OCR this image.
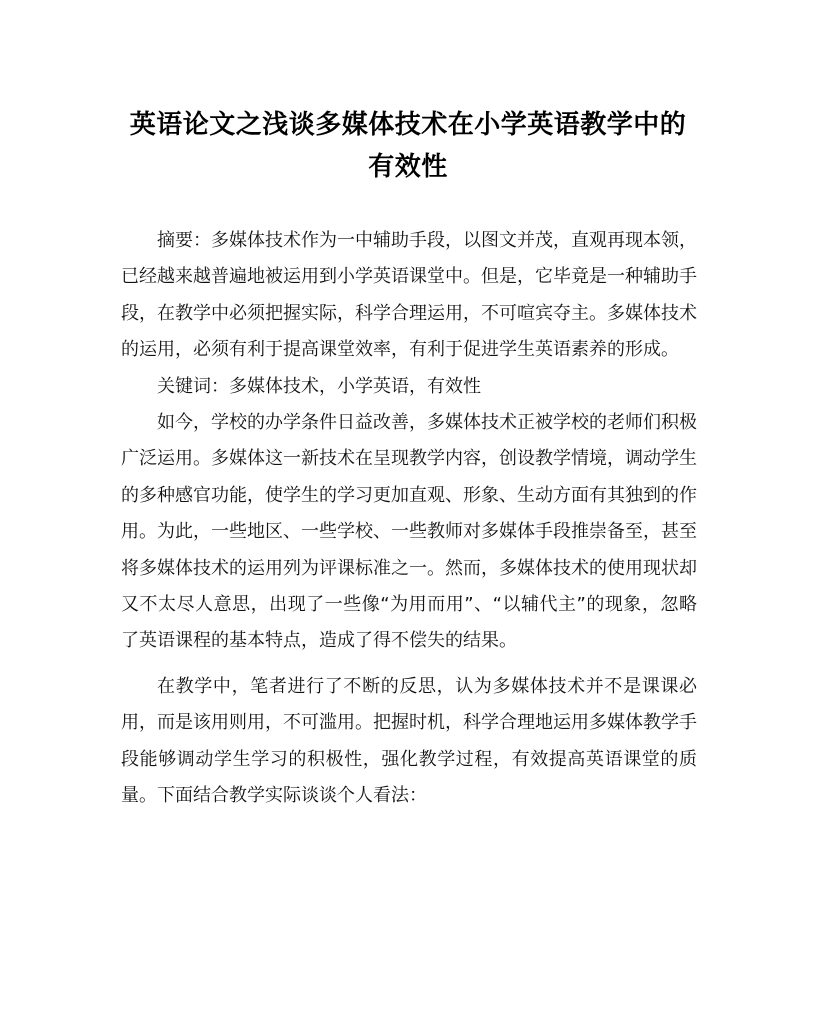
英语论文之浅谈多媒体技术在小学英语教学中的有效性

摘要：多媒体技术作为一中辅助手段，以图文并茂，直观再现本领，已经越来越普遍地被运用到小学英语课堂中。但是，它毕竟是一种辅助手段，在教学中必须把握实际，科学合理运用，不可喧宾夺主。多媒体技术的运用，必须有利于提高课堂效率，有利于促进学生英语素养的形成。

关键词：多媒体技术，小学英语，有效性

如今，学校的办学条件日益改善，多媒体技术正被学校的老师们积极广泛运用。多媒体这一新技术在呈现教学内容，创设教学情境，调动学生的多种感官功能，使学生的学习更加直观、形象、生动方面有其独到的作用。为此，一些地区、一些学校、一些教师对多媒体手段推崇备至，甚至将多媒体技术的运用列为评课标准之一。然而，多媒体技术的使用现状却又不太尽人意思，出现了一些像“为用而用”、“以辅代主”的现象，忽略了英语课程的基本特点，造成了得不偿失的结果。

在教学中，笔者进行了不断的反思，认为多媒体技术并不是课课必用，而是该用则用，不可滥用。把握时机，科学合理地运用多媒体教学手段能够调动学生学习的积极性，强化教学过程，有效提高英语课堂的质量。下面结合教学实际谈谈个人看法：
